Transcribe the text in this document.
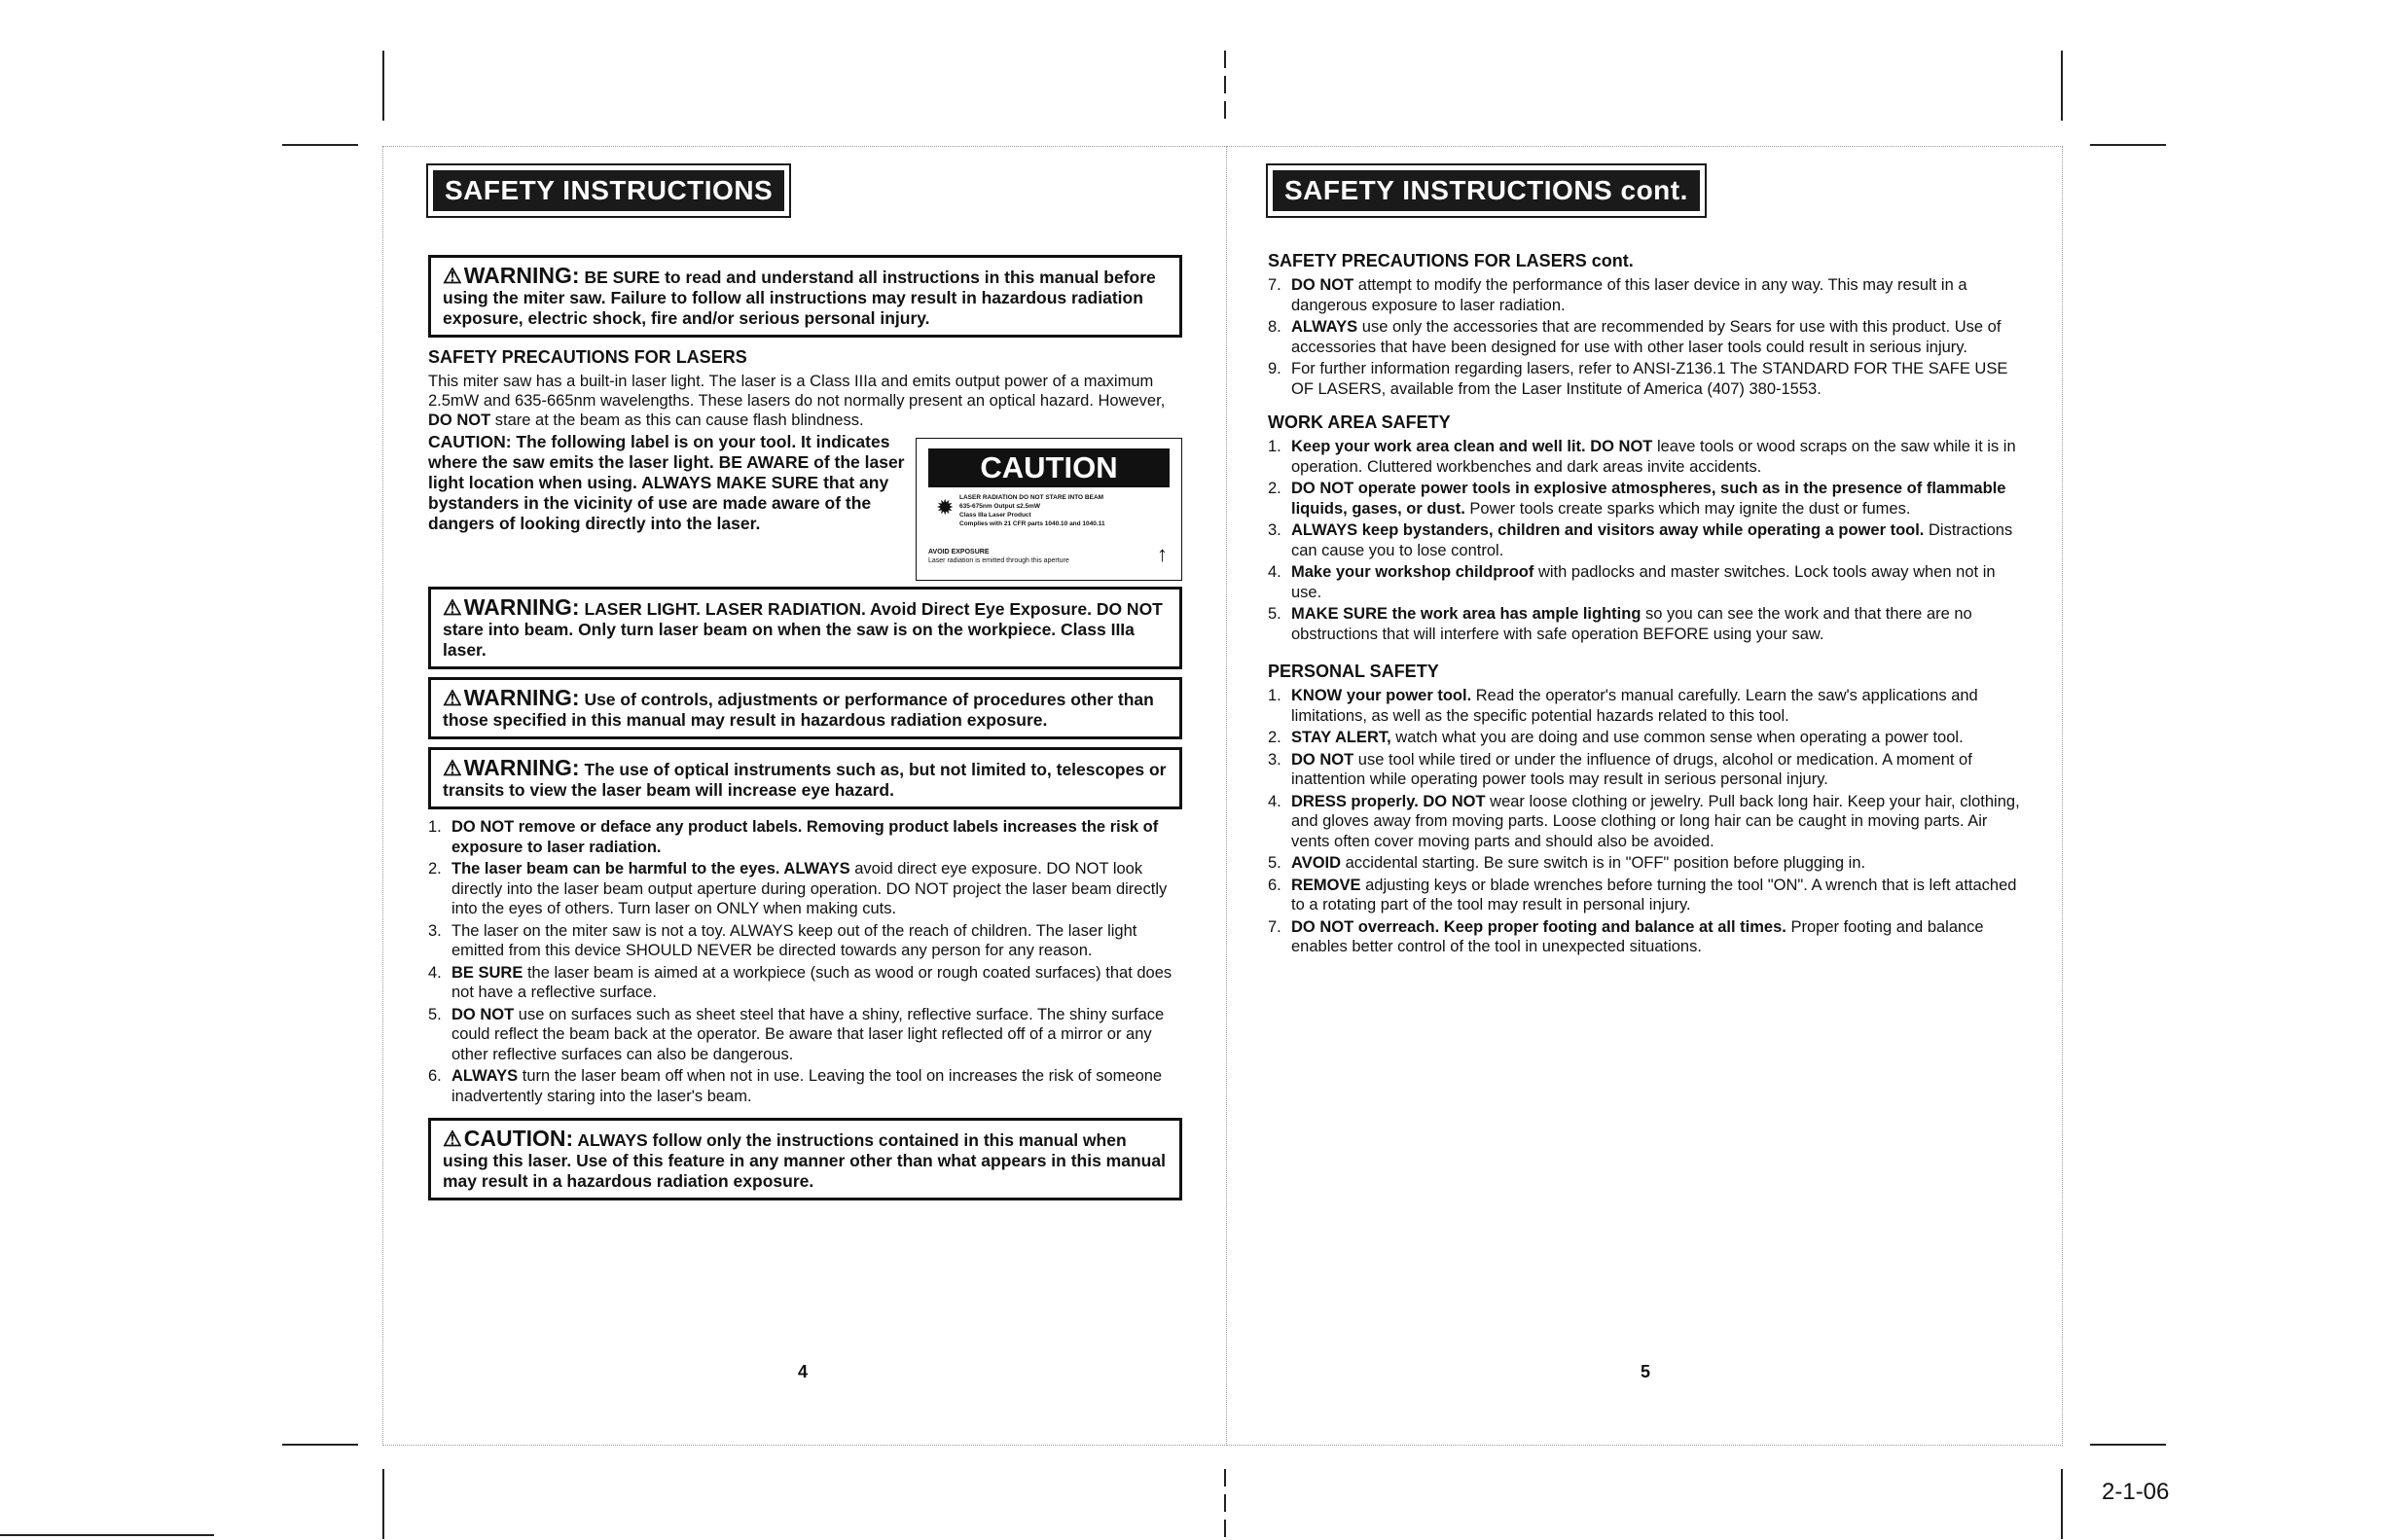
SAFETY INSTRUCTIONS
⚠WARNING: BE SURE to read and understand all instructions in this manual before using the miter saw. Failure to follow all instructions may result in hazardous radiation exposure, electric shock, fire and/or serious personal injury.
SAFETY PRECAUTIONS FOR LASERS
This miter saw has a built-in laser light. The laser is a Class IIIa and emits output power of a maximum 2.5mW and 635-665nm wavelengths. These lasers do not normally present an optical hazard. However, DO NOT stare at the beam as this can cause flash blindness.
CAUTION: The following label is on your tool. It indicates where the saw emits the laser light. BE AWARE of the laser light location when using. ALWAYS MAKE SURE that any bystanders in the vicinity of use are made aware of the dangers of looking directly into the laser.
CAUTION
✹ LASER RADIATION DO NOT STARE INTO BEAM
635-675nm Output ≤2.5mW
Class IIIa Laser Product
Complies with 21 CFR parts 1040.10 and 1040.11
AVOID EXPOSURE
Laser radiation is emitted through this aperture	↑
⚠WARNING: LASER LIGHT. LASER RADIATION. Avoid Direct Eye Exposure. DO NOT stare into beam. Only turn laser beam on when the saw is on the workpiece. Class IIIa laser.
⚠WARNING: Use of controls, adjustments or performance of procedures other than those specified in this manual may result in hazardous radiation exposure.
⚠WARNING: The use of optical instruments such as, but not limited to, telescopes or transits to view the laser beam will increase eye hazard.
1. DO NOT remove or deface any product labels. Removing product labels increases the risk of exposure to laser radiation.
2. The laser beam can be harmful to the eyes. ALWAYS avoid direct eye exposure. DO NOT look directly into the laser beam output aperture during operation. DO NOT project the laser beam directly into the eyes of others. Turn laser on ONLY when making cuts.
3. The laser on the miter saw is not a toy. ALWAYS keep out of the reach of children. The laser light emitted from this device SHOULD NEVER be directed towards any person for any reason.
4. BE SURE the laser beam is aimed at a workpiece (such as wood or rough coated surfaces) that does not have a reflective surface.
5. DO NOT use on surfaces such as sheet steel that have a shiny, reflective surface. The shiny surface could reflect the beam back at the operator. Be aware that laser light reflected off of a mirror or any other reflective surfaces can also be dangerous.
6. ALWAYS turn the laser beam off when not in use. Leaving the tool on increases the risk of someone inadvertently staring into the laser's beam.
⚠CAUTION: ALWAYS follow only the instructions contained in this manual when using this laser. Use of this feature in any manner other than what appears in this manual may result in a hazardous radiation exposure.
4
SAFETY INSTRUCTIONS cont.
SAFETY PRECAUTIONS FOR LASERS cont.
7. DO NOT attempt to modify the performance of this laser device in any way. This may result in a dangerous exposure to laser radiation.
8. ALWAYS use only the accessories that are recommended by Sears for use with this product. Use of accessories that have been designed for use with other laser tools could result in serious injury.
9. For further information regarding lasers, refer to ANSI-Z136.1 The STANDARD FOR THE SAFE USE OF LASERS, available from the Laser Institute of America (407) 380-1553.
WORK AREA SAFETY
1. Keep your work area clean and well lit. DO NOT leave tools or wood scraps on the saw while it is in operation. Cluttered workbenches and dark areas invite accidents.
2. DO NOT operate power tools in explosive atmospheres, such as in the presence of flammable liquids, gases, or dust. Power tools create sparks which may ignite the dust or fumes.
3. ALWAYS keep bystanders, children and visitors away while operating a power tool. Distractions can cause you to lose control.
4. Make your workshop childproof with padlocks and master switches. Lock tools away when not in use.
5. MAKE SURE the work area has ample lighting so you can see the work and that there are no obstructions that will interfere with safe operation BEFORE using your saw.
PERSONAL SAFETY
1. KNOW your power tool. Read the operator's manual carefully. Learn the saw's applications and limitations, as well as the specific potential hazards related to this tool.
2. STAY ALERT, watch what you are doing and use common sense when operating a power tool.
3. DO NOT use tool while tired or under the influence of drugs, alcohol or medication. A moment of inattention while operating power tools may result in serious personal injury.
4. DRESS properly. DO NOT wear loose clothing or jewelry. Pull back long hair. Keep your hair, clothing, and gloves away from moving parts. Loose clothing or long hair can be caught in moving parts. Air vents often cover moving parts and should also be avoided.
5. AVOID accidental starting. Be sure switch is in "OFF" position before plugging in.
6. REMOVE adjusting keys or blade wrenches before turning the tool "ON". A wrench that is left attached to a rotating part of the tool may result in personal injury.
7. DO NOT overreach. Keep proper footing and balance at all times. Proper footing and balance enables better control of the tool in unexpected situations.
5
2-1-06
